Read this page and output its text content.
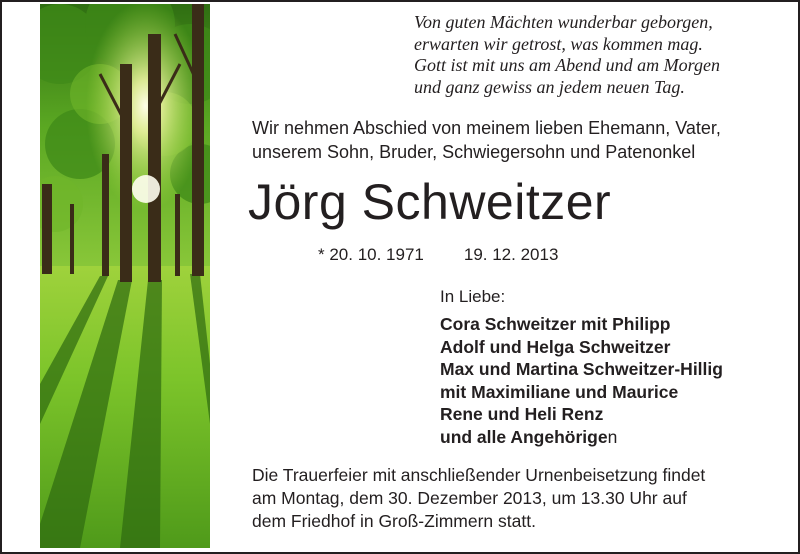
Von guten Mächten wunderbar geborgen,
erwarten wir getrost, was kommen mag.
Gott ist mit uns am Abend und am Morgen
und ganz gewiss an jedem neuen Tag.
Wir nehmen Abschied von meinem lieben Ehemann, Vater,
unserem Sohn, Bruder, Schwiegersohn und Patenonkel
Jörg Schweitzer
* 20. 10. 1971 19. 12. 2013
In Liebe:
Cora Schweitzer mit Philipp
Adolf und Helga Schweitzer
Max und Martina Schweitzer-Hillig
mit Maximiliane und Maurice
Rene und Heli Renz
und alle Angehörigen
Die Trauerfeier mit anschließender Urnenbeisetzung findet
am Montag, dem 30. Dezember 2013, um 13.30 Uhr auf
dem Friedhof in Groß-Zimmern statt.
